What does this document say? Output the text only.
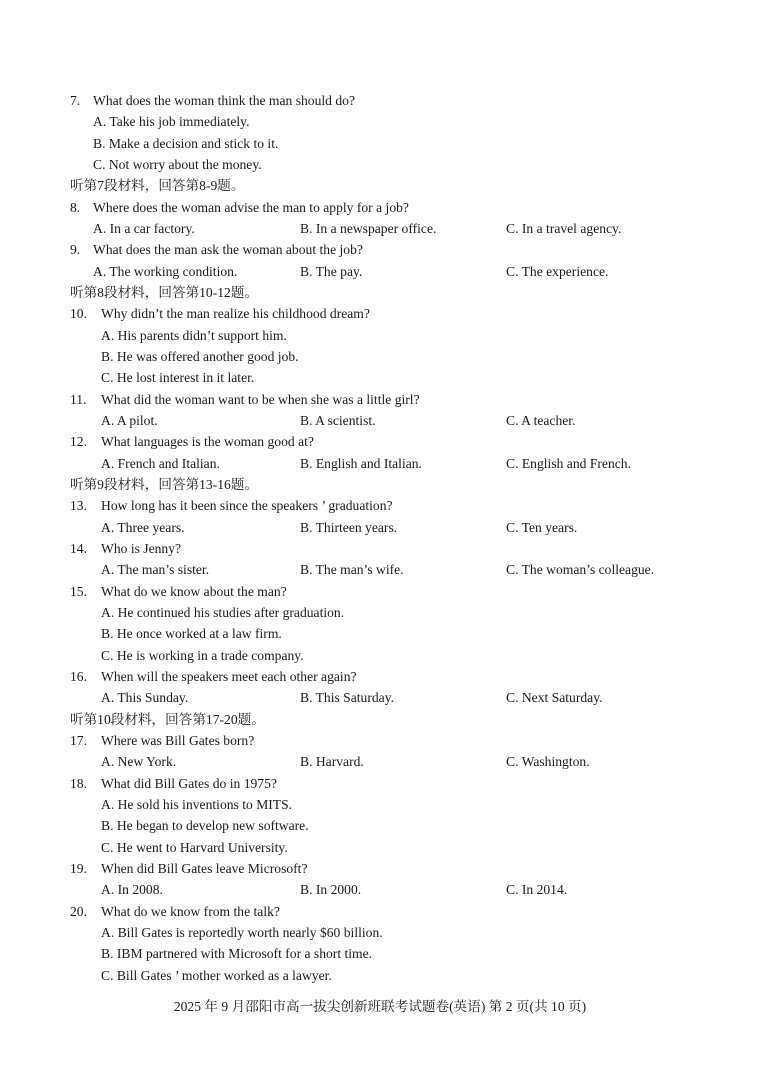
7. What does the woman think the man should do?
A. Take his job immediately.
B. Make a decision and stick to it.
C. Not worry about the money.
听第7段材料，回答第8-9题。
8. Where does the woman advise the man to apply for a job?
A. In a car factory.	B. In a newspaper office.	C. In a travel agency.
9. What does the man ask the woman about the job?
A. The working condition.	B. The pay.	C. The experience.
听第8段材料，回答第10-12题。
10. Why didn’t the man realize his childhood dream?
A. His parents didn’t support him.
B. He was offered another good job.
C. He lost interest in it later.
11. What did the woman want to be when she was a little girl?
A. A pilot.	B. A scientist.	C. A teacher.
12. What languages is the woman good at?
A. French and Italian.	B. English and Italian.	C. English and French.
听第9段材料，回答第13-16题。
13. How long has it been since the speakers ’ graduation?
A. Three years.	B. Thirteen years.	C. Ten years.
14. Who is Jenny?
A. The man’s sister.	B. The man’s wife.	C. The woman’s colleague.
15. What do we know about the man?
A. He continued his studies after graduation.
B. He once worked at a law firm.
C. He is working in a trade company.
16. When will the speakers meet each other again?
A. This Sunday.	B. This Saturday.	C. Next Saturday.
听第10段材料，回答第17-20题。
17. Where was Bill Gates born?
A. New York.	B. Harvard.	C. Washington.
18. What did Bill Gates do in 1975?
A. He sold his inventions to MITS.
B. He began to develop new software.
C. He went to Harvard University.
19. When did Bill Gates leave Microsoft?
A. In 2008.	B. In 2000.	C. In 2014.
20. What do we know from the talk?
A. Bill Gates is reportedly worth nearly $60 billion.
B. IBM partnered with Microsoft for a short time.
C. Bill Gates ’ mother worked as a lawyer.
2025 年 9 月邵阳市高一拔尖创新班联考试题卷(英语) 第 2 页(共 10 页)
